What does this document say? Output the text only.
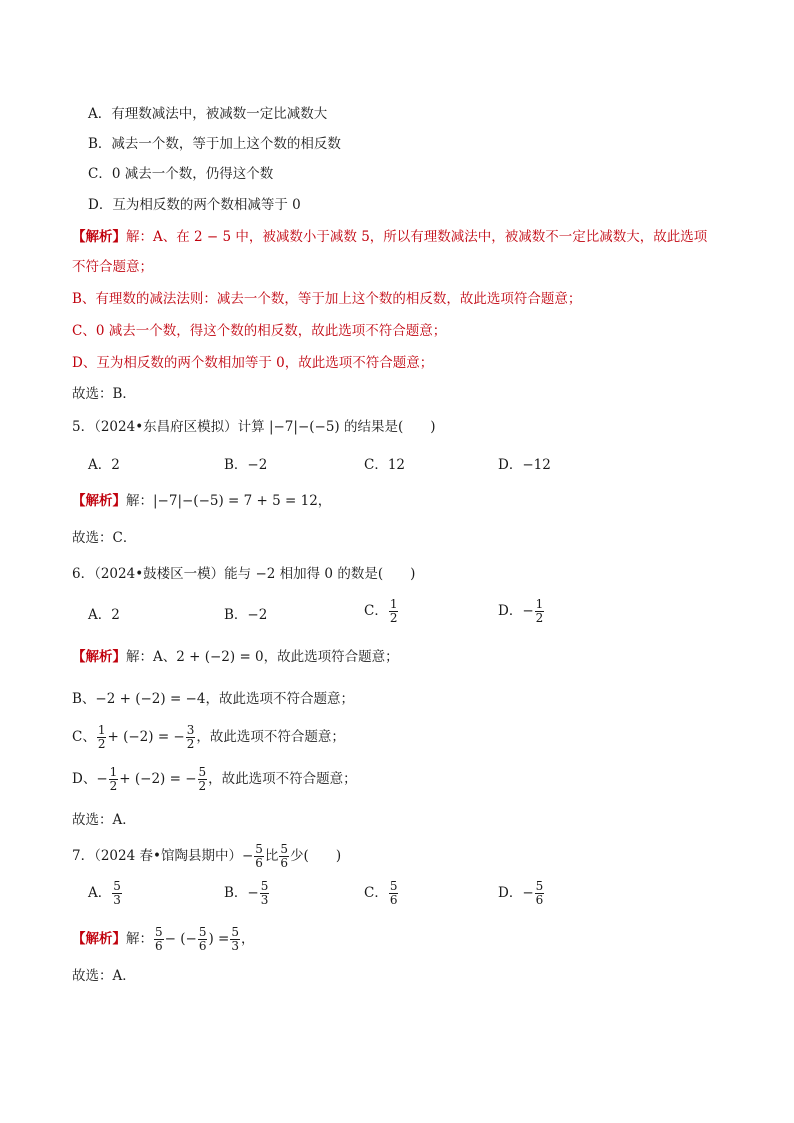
A．有理数减法中，被减数一定比减数大
B．减去一个数，等于加上这个数的相反数
C．0 减去一个数，仍得这个数
D．互为相反数的两个数相减等于 0
【解析】解：A、在 2 − 5 中，被减数小于减数 5，所以有理数减法中，被减数不一定比减数大，故此选项
不符合题意；
B、有理数的减法法则：减去一个数，等于加上这个数的相反数，故此选项符合题意；
C、0 减去一个数，得这个数的相反数，故此选项不符合题意；
D、互为相反数的两个数相加等于 0，故此选项不符合题意；
故选：B．
5．（2024•东昌府区模拟）计算 |−7|−(−5) 的结果是(　　)
A．2	B．−2	C．12	D．−12
【解析】解：|−7|−(−5) = 7 + 5 = 12，
故选：C．
6．（2024•鼓楼区一模）能与 −2 相加得 0 的数是(　　)
A．2	B．−2	C． $\frac{1}{2}$	D．− $\frac{1}{2}$
【解析】解：A、2 + (−2) = 0，故此选项符合题意；
B、−2 + (−2) = −4，故此选项不符合题意；
C、 $\frac{1}{2} + (-2)$ = − $\frac{3}{2}$ ，故此选项不符合题意；
D、− $\frac{1}{2} + (-2)$ = − $\frac{5}{2}$ ，故此选项不符合题意；
故选：A．
7．（2024 春•馆陶县期中）− $\frac{5}{6}$ 比 $\frac{5}{6}$ 少(　　)
A． $\frac{5}{3}$	B．− $\frac{5}{3}$	C． $\frac{5}{6}$	D．− $\frac{5}{6}$
【解析】解： $\frac{5}{6}$ − (− $\frac{5}{6}$ ) = $\frac{5}{3}$ ，
故选：A．
